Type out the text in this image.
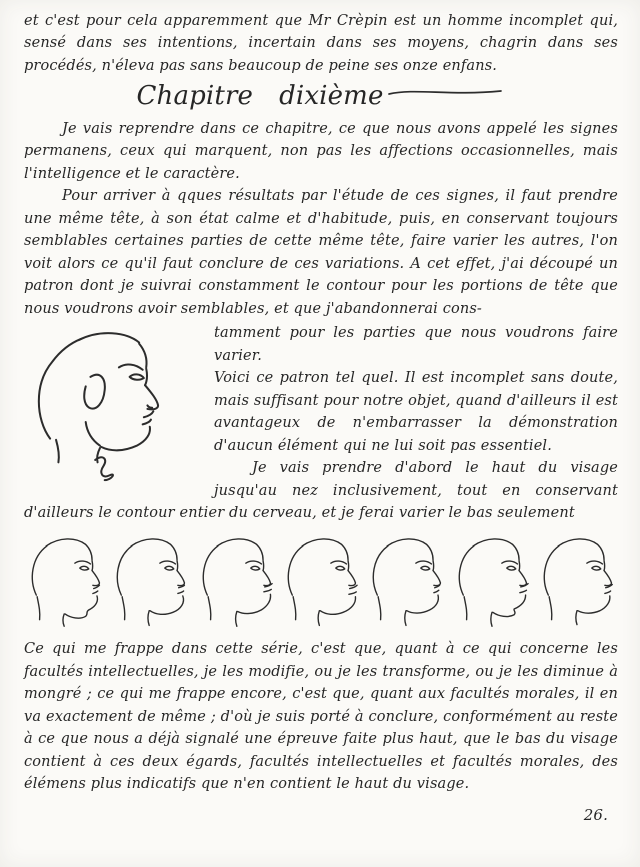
et c'est pour cela apparemment que Mr Crèpin est un homme incomplet qui, sensé dans ses intentions, incertain dans ses moyens, chagrin dans ses procédés, n'éleva pas sans beaucoup de peine ses onze enfans.

Chapitre dixième

Je vais reprendre dans ce chapitre, ce que nous avons appelé les signes permanens, ceux qui marquent, non pas les affections occasionnelles, mais l'intelligence et le caractère.

Pour arriver à qques résultats par l'étude de ces signes, il faut prendre une même tête, à son état calme et d'habitude, puis, en conservant toujours semblables certaines parties de cette même tête, faire varier les autres, l'on voit alors ce qu'il faut conclure de ces variations. A cet effet, j'ai découpé un patron dont je suivrai constamment le contour pour les portions de tête que nous voudrons avoir semblables, et que j'abandonnerai cons-

tamment pour les parties que nous voudrons faire varier.

Voici ce patron tel quel. Il est incomplet sans doute, mais suffisant pour notre objet, quand d'ailleurs il est avantageux de n'embarrasser la démonstration d'aucun élément qui ne lui soit pas essentiel.

Je vais prendre d'abord le haut du visage jusqu'au nez inclusivement, tout en conservant d'ailleurs le contour entier du cerveau, et je ferai varier le bas seulement

Ce qui me frappe dans cette série, c'est que, quant à ce qui concerne les facultés intellectuelles, je les modifie, ou je les transforme, ou je les diminue à mongré ; ce qui me frappe encore, c'est que, quant aux facultés morales, il en va exactement de même ; d'où je suis porté à conclure, conformément au reste à ce que nous a déjà signalé une épreuve faite plus haut, que le bas du visage contient à ces deux égards, facultés intellectuelles et facultés morales, des élémens plus indicatifs que n'en contient le haut du visage.

26.
